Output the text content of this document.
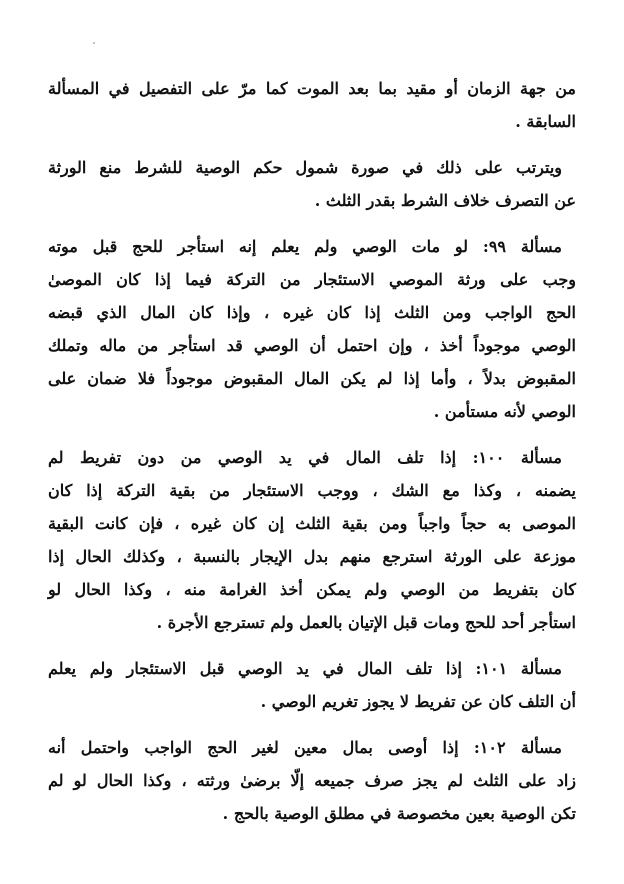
من جهة الزمان أو مقيد بما بعد الموت كما مرّ على التفصيل في المسألة
السابقة .
ويترتب على ذلك في صورة شمول حكم الوصية للشرط منع الورثة
عن التصرف خلاف الشرط بقدر الثلث .
مسألة ٩٩: لو مات الوصي ولم يعلم إنه استأجر للحج قبل موته
وجب على ورثة الموصي الاستئجار من التركة فيما إذا كان الموصىٰ
الحج الواجب ومن الثلث إذا كان غيره ، وإذا كان المال الذي قبضه
الوصي موجوداً أخذ ، وإن احتمل أن الوصي قد استأجر من ماله وتملك
المقبوض بدلاً ، وأما إذا لم يكن المال المقبوض موجوداً فلا ضمان على
الوصي لأنه مستأمن .
مسألة ١٠٠: إذا تلف المال في يد الوصي من دون تفريط لم
يضمنه ، وكذا مع الشك ، ووجب الاستئجار من بقية التركة إذا كان
الموصى به حجاً واجباً ومن بقية الثلث إن كان غيره ، فإن كانت البقية
موزعة على الورثة استرجع منهم بدل الإيجار بالنسبة ، وكذلك الحال إذا
كان بتفريط من الوصي ولم يمكن أخذ الغرامة منه ، وكذا الحال لو
استأجر أحد للحج ومات قبل الإتيان بالعمل ولم تسترجع الأجرة .
مسألة ١٠١: إذا تلف المال في يد الوصي قبل الاستئجار ولم يعلم
أن التلف كان عن تفريط لا يجوز تغريم الوصي .
مسألة ١٠٢: إذا أوصى بمال معين لغير الحج الواجب واحتمل أنه
زاد على الثلث لم يجز صرف جميعه إلّا برضىٰ ورثته ، وكذا الحال لو لم
تكن الوصية بعين مخصوصة في مطلق الوصية بالحج .
